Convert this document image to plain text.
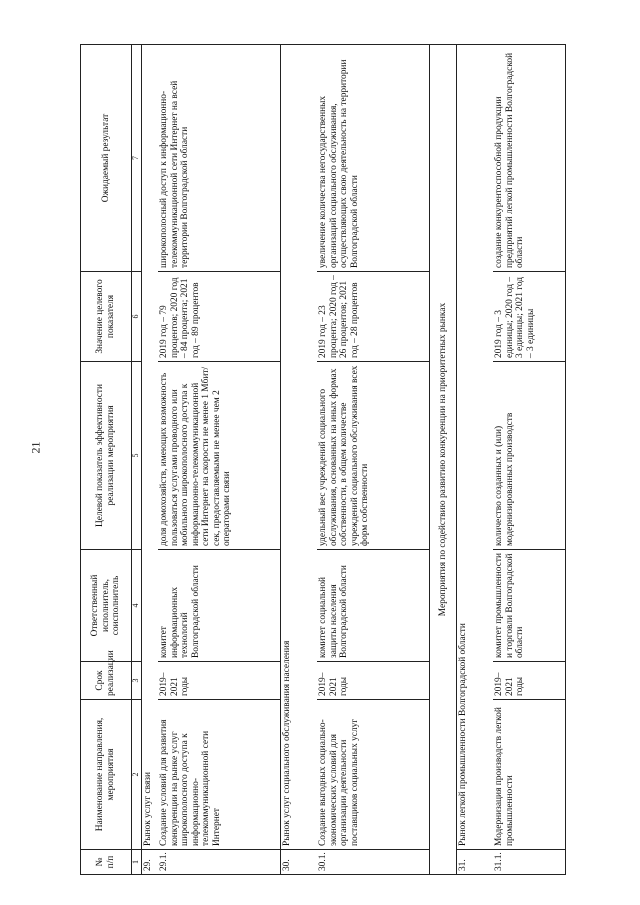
21
№ п/п	Наименование направления, мероприятия	Срок реализации	Ответственный исполнитель, соисполнитель	Целевой показатель эффективности реализации мероприятия	Значение целевого показателя	Ожидаемый результат
1	2	3	4	5	6	7
29.	Рынок услуг связи					
29.1.	Создание условий для развития конкуренции на рынке услуг широкополосного доступа к информационно-телекоммуникационной сети Интернет	2019–2021 годы	комитет информационных технологий Волгоградской области	доля домохозяйств, имеющих возможность пользоваться услугами проводного или мобильного широкополосного доступа к информационно-телекоммуникационной сети Интернет на скорости не менее 1 Мбит/сек, предоставляемыми не менее чем 2 операторами связи	2019 год – 79 процентов; 2020 год – 84 процента; 2021 год – 89 процентов	широкополосный доступ к информационно-телекоммуникационной сети Интернет на всей территории Волгоградской области
30.	Рынок услуг социального обслуживания населения					
30.1.	Создание выгодных социально-экономических условий для организации деятельности поставщиков социальных услуг	2019–2021 годы	комитет социальной защиты населения Волгоградской области	удельный вес учреждений социального обслуживания, основанных на иных формах собственности, в общем количестве учреждений социального обслуживания всех форм собственности	2019 год – 23 процента; 2020 год – 26 процентов; 2021 год – 28 процентов	увеличение количества негосударственных организаций социального обслуживания, осуществляющих свою деятельность на территории Волгоградской области
Мероприятия по содействию развитию конкуренции на приоритетных рынках						
31.	Рынок легкой промышленности Волгоградской области					
31.1.	Модернизация производств легкой промышленности	2019–2021 годы	комитет промышленности и торговли Волгоградской области	количество созданных и (или) модернизированных производств	2019 год – 3 единицы; 2020 год – 3 единицы; 2021 год – 3 единицы	создание конкурентоспособной продукции предприятий легкой промышленности Волгоградской области
